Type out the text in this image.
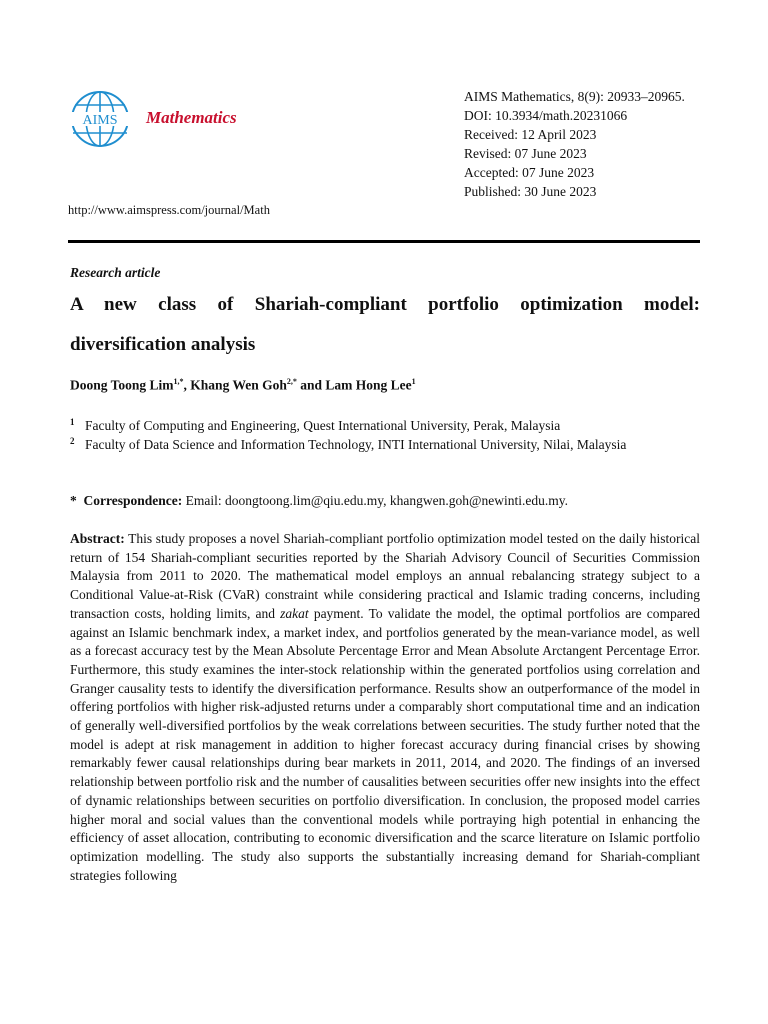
AIMS Mathematics
AIMS Mathematics, 8(9): 20933–20965.
DOI: 10.3934/math.20231066
Received: 12 April 2023
Revised: 07 June 2023
Accepted: 07 June 2023
Published: 30 June 2023
http://www.aimspress.com/journal/Math
Research article
A new class of Shariah-compliant portfolio optimization model: diversification analysis
Doong Toong Lim$^{1,*}$, Khang Wen Goh$^{2,*}$ and Lam Hong Lee$^1$
1 Faculty of Computing and Engineering, Quest International University, Perak, Malaysia
2 Faculty of Data Science and Information Technology, INTI International University, Nilai, Malaysia
* Correspondence: Email: doongtoong.lim@qiu.edu.my, khangwen.goh@newinti.edu.my.
Abstract: This study proposes a novel Shariah-compliant portfolio optimization model tested on the daily historical return of 154 Shariah-compliant securities reported by the Shariah Advisory Council of Securities Commission Malaysia from 2011 to 2020. The mathematical model employs an annual rebalancing strategy subject to a Conditional Value-at-Risk (CVaR) constraint while considering practical and Islamic trading concerns, including transaction costs, holding limits, and zakat payment. To validate the model, the optimal portfolios are compared against an Islamic benchmark index, a market index, and portfolios generated by the mean-variance model, as well as a forecast accuracy test by the Mean Absolute Percentage Error and Mean Absolute Arctangent Percentage Error. Furthermore, this study examines the inter-stock relationship within the generated portfolios using correlation and Granger causality tests to identify the diversification performance. Results show an outperformance of the model in offering portfolios with higher risk-adjusted returns under a comparably short computational time and an indication of generally well-diversified portfolios by the weak correlations between securities. The study further noted that the model is adept at risk management in addition to higher forecast accuracy during financial crises by showing remarkably fewer causal relationships during bear markets in 2011, 2014, and 2020. The findings of an inversed relationship between portfolio risk and the number of causalities between securities offer new insights into the effect of dynamic relationships between securities on portfolio diversification. In conclusion, the proposed model carries higher moral and social values than the conventional models while portraying high potential in enhancing the efficiency of asset allocation, contributing to economic diversification and the scarce literature on Islamic portfolio optimization modelling. The study also supports the substantially increasing demand for Shariah-compliant strategies following
